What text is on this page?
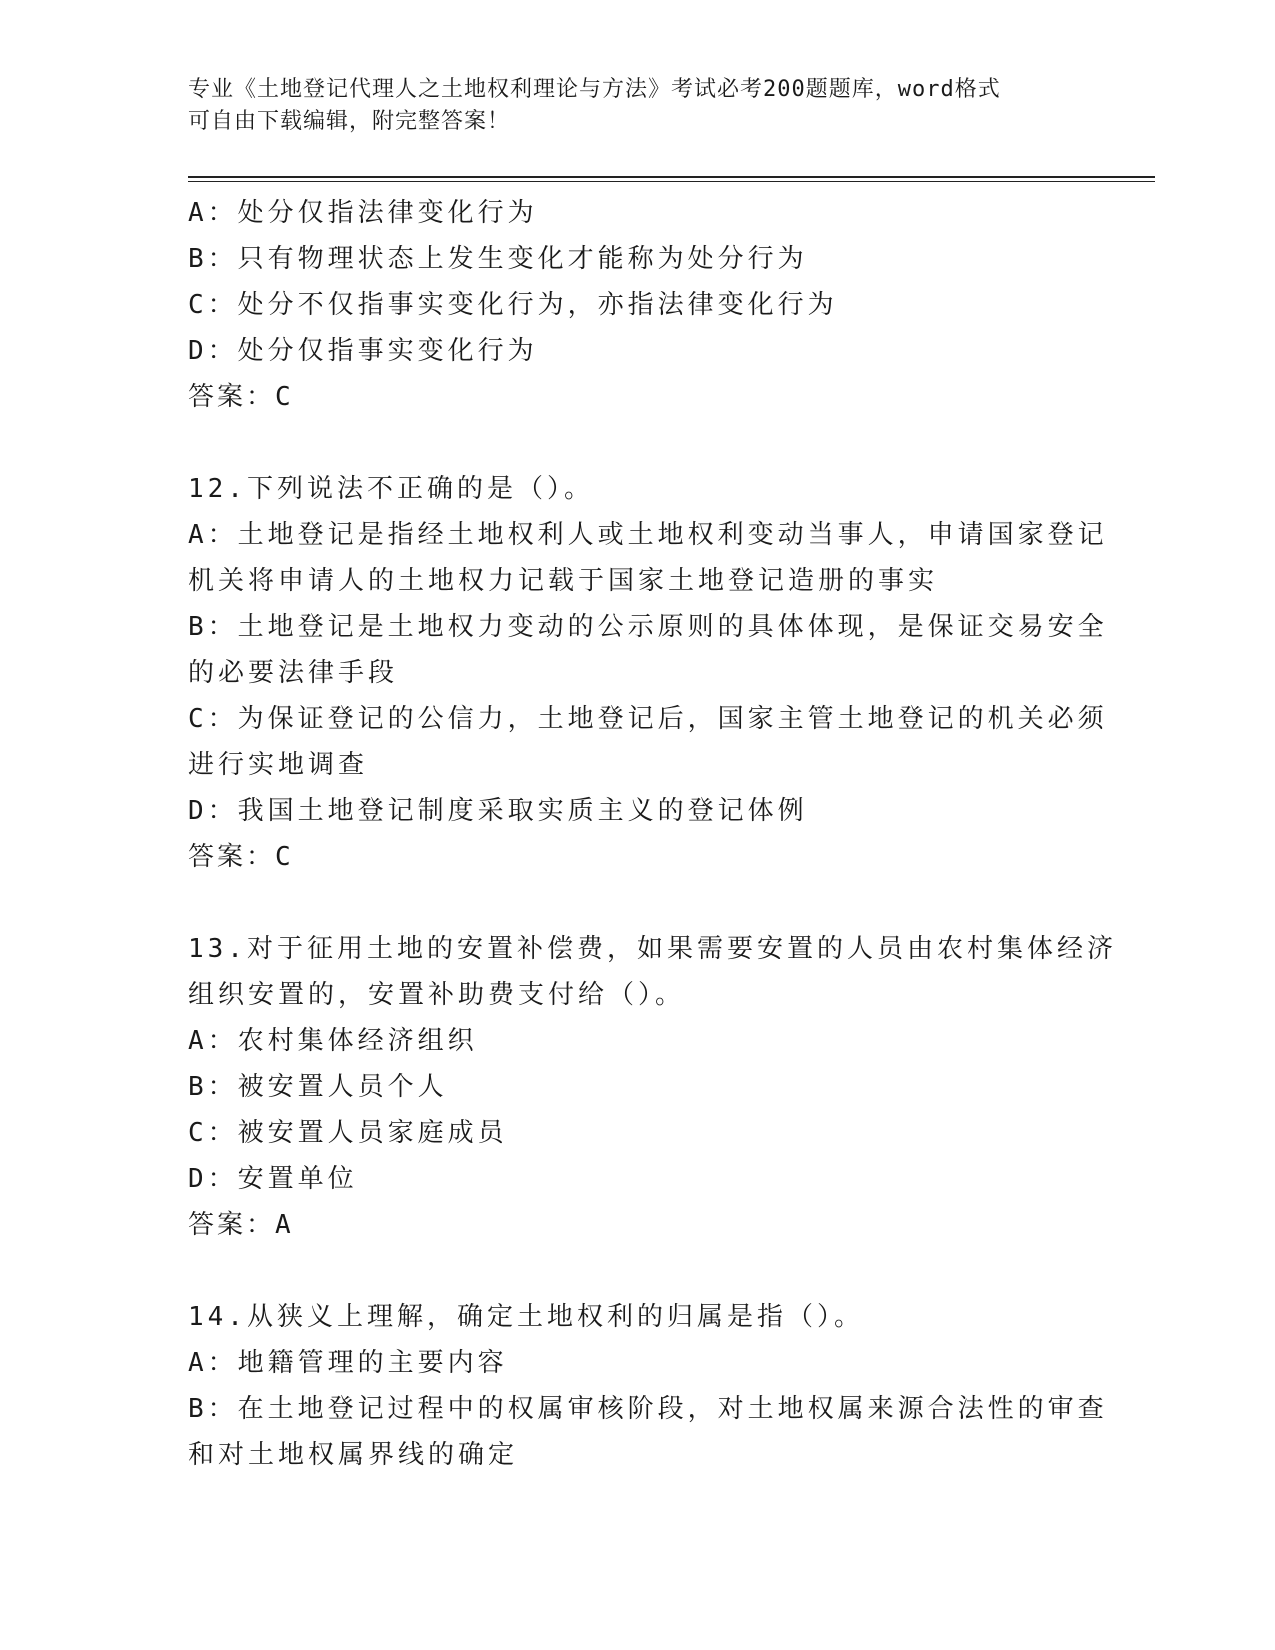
专业《土地登记代理人之土地权利理论与方法》考试必考200题题库，word格式
可自由下载编辑，附完整答案！
A：处分仅指法律变化行为
B：只有物理状态上发生变化才能称为处分行为
C：处分不仅指事实变化行为，亦指法律变化行为
D：处分仅指事实变化行为
答案：C
12.下列说法不正确的是（）。
A：土地登记是指经土地权利人或土地权利变动当事人，申请国家登记
机关将申请人的土地权力记载于国家土地登记造册的事实
B：土地登记是土地权力变动的公示原则的具体体现，是保证交易安全
的必要法律手段
C：为保证登记的公信力，土地登记后，国家主管土地登记的机关必须
进行实地调查
D：我国土地登记制度采取实质主义的登记体例
答案：C
13.对于征用土地的安置补偿费，如果需要安置的人员由农村集体经济
组织安置的，安置补助费支付给（）。
A：农村集体经济组织
B：被安置人员个人
C：被安置人员家庭成员
D：安置单位
答案：A
14.从狭义上理解，确定土地权利的归属是指（）。
A：地籍管理的主要内容
B：在土地登记过程中的权属审核阶段，对土地权属来源合法性的审查
和对土地权属界线的确定
